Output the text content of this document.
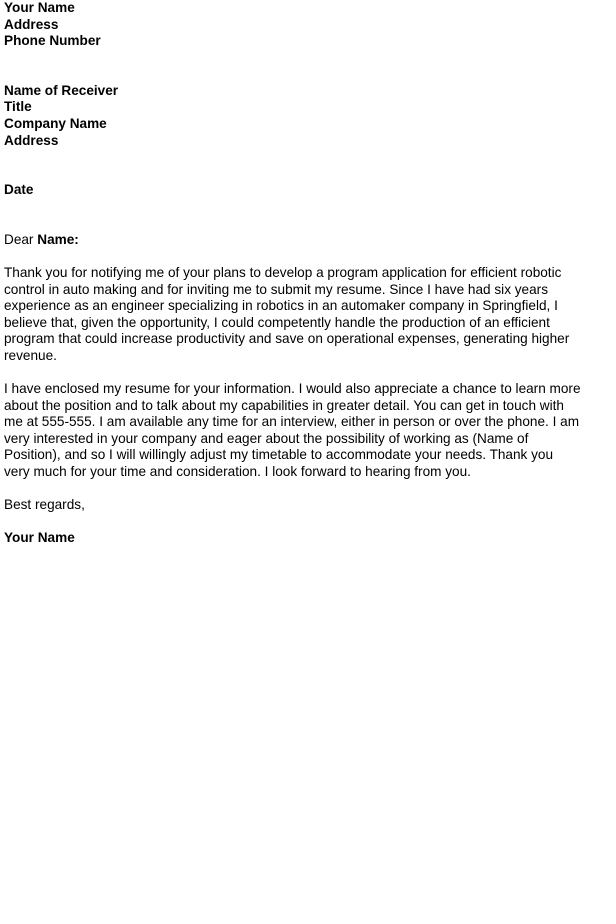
Your Name
Address
Phone Number
Name of Receiver
Title
Company Name
Address
Date
Dear Name:
Thank you for notifying me of your plans to develop a program application for efficient robotic
control in auto making and for inviting me to submit my resume. Since I have had six years
experience as an engineer specializing in robotics in an automaker company in Springfield, I
believe that, given the opportunity, I could competently handle the production of an efficient
program that could increase productivity and save on operational expenses, generating higher
revenue.
I have enclosed my resume for your information. I would also appreciate a chance to learn more
about the position and to talk about my capabilities in greater detail. You can get in touch with
me at 555-555. I am available any time for an interview, either in person or over the phone. I am
very interested in your company and eager about the possibility of working as (Name of
Position), and so I will willingly adjust my timetable to accommodate your needs. Thank you
very much for your time and consideration. I look forward to hearing from you.
Best regards,
Your Name
